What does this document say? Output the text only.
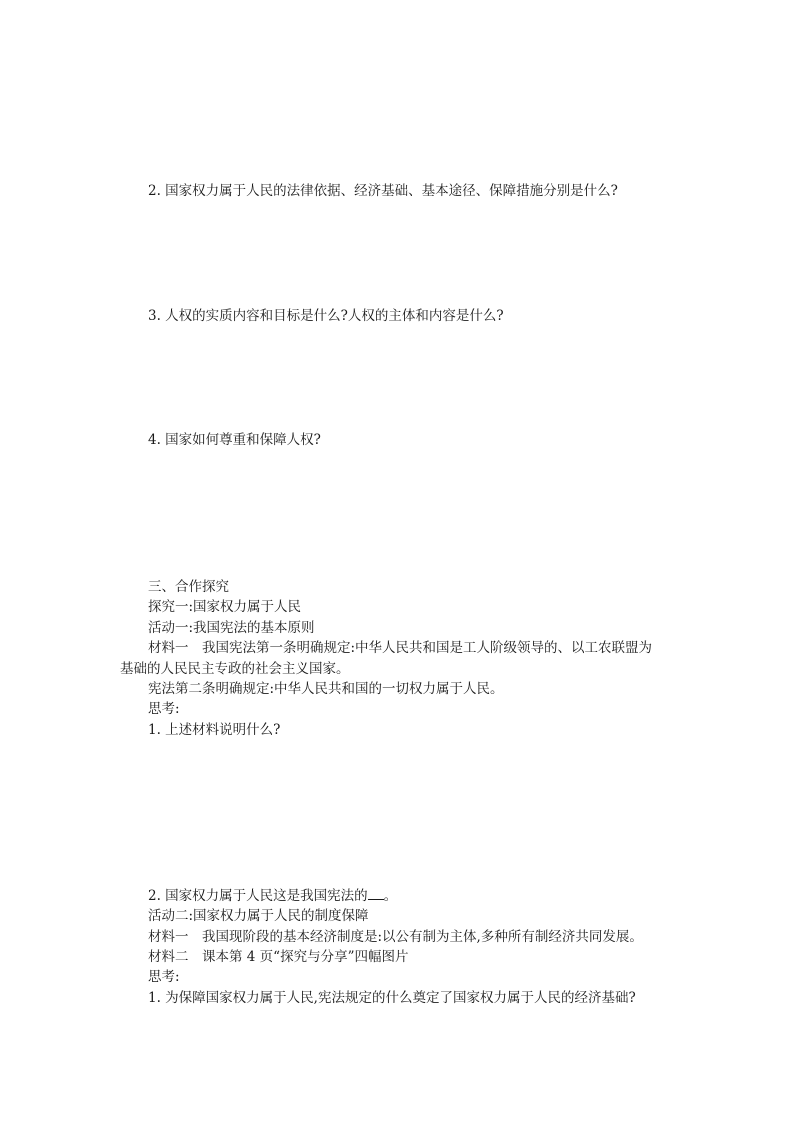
2. 国家权力属于人民的法律依据、经济基础、基本途径、保障措施分别是什么?
3. 人权的实质内容和目标是什么?人权的主体和内容是什么?
4. 国家如何尊重和保障人权?
三、合作探究
探究一:国家权力属于人民
活动一:我国宪法的基本原则
材料一　我国宪法第一条明确规定:中华人民共和国是工人阶级领导的、以工农联盟为
基础的人民民主专政的社会主义国家。
宪法第二条明确规定:中华人民共和国的一切权力属于人民。
思考:
1. 上述材料说明什么?
2. 国家权力属于人民这是我国宪法的 。
活动二:国家权力属于人民的制度保障
材料一　我国现阶段的基本经济制度是:以公有制为主体,多种所有制经济共同发展。
材料二　课本第 4 页“探究与分享”四幅图片
思考:
1. 为保障国家权力属于人民,宪法规定的什么奠定了国家权力属于人民的经济基础?
